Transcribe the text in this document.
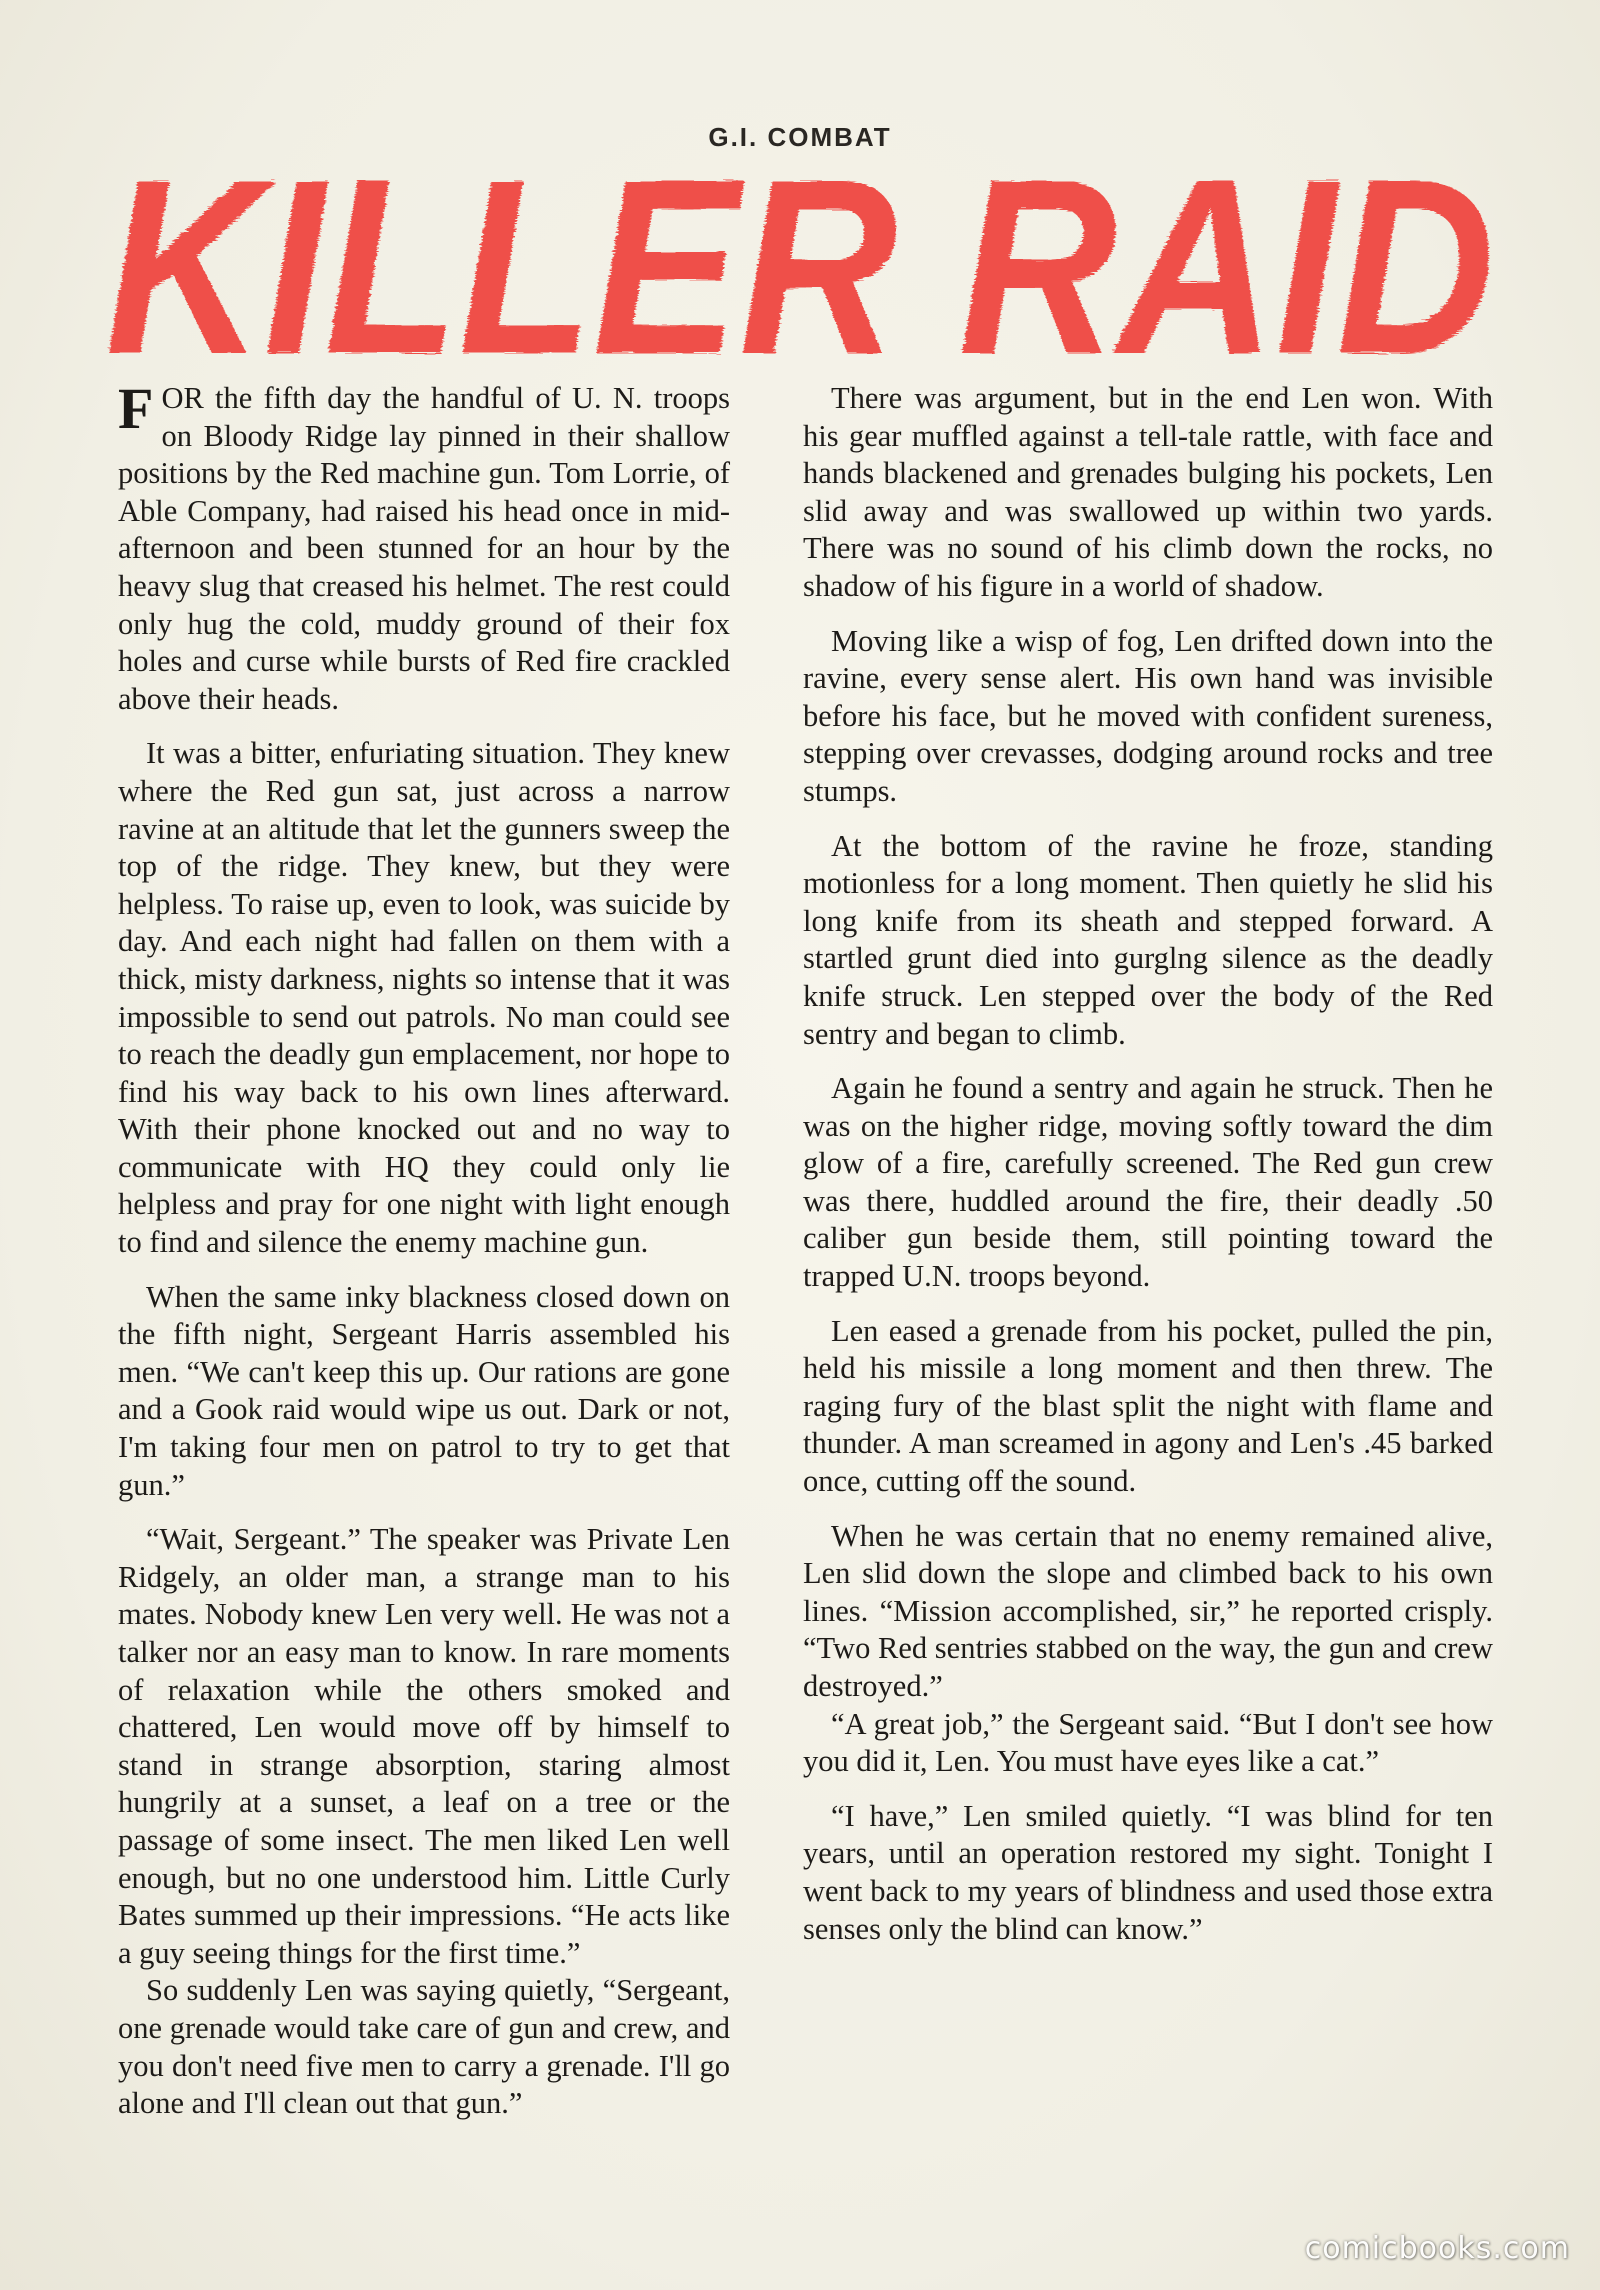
G.I. COMBAT
KILLER RAID

FOR the fifth day the handful of U. N. troops on Bloody Ridge lay pinned in their shallow positions by the Red machine gun. Tom Lorrie, of Able Company, had raised his head once in mid-afternoon and been stunned for an hour by the heavy slug that creased his helmet. The rest could only hug the cold, muddy ground of their fox holes and curse while bursts of Red fire crackled above their heads.

It was a bitter, enfuriating situation. They knew where the Red gun sat, just across a narrow ravine at an altitude that let the gunners sweep the top of the ridge. They knew, but they were helpless. To raise up, even to look, was suicide by day. And each night had fallen on them with a thick, misty darkness, nights so intense that it was impossible to send out patrols. No man could see to reach the deadly gun emplacement, nor hope to find his way back to his own lines afterward. With their phone knocked out and no way to communicate with HQ they could only lie helpless and pray for one night with light enough to find and silence the enemy machine gun.

When the same inky blackness closed down on the fifth night, Sergeant Harris assembled his men. “We can't keep this up. Our rations are gone and a Gook raid would wipe us out. Dark or not, I'm taking four men on patrol to try to get that gun.”

“Wait, Sergeant.” The speaker was Private Len Ridgely, an older man, a strange man to his mates. Nobody knew Len very well. He was not a talker nor an easy man to know. In rare moments of relaxation while the others smoked and chattered, Len would move off by himself to stand in strange absorption, staring almost hungrily at a sunset, a leaf on a tree or the passage of some insect. The men liked Len well enough, but no one understood him. Little Curly Bates summed up their impressions. “He acts like a guy seeing things for the first time.”

So suddenly Len was saying quietly, “Sergeant, one grenade would take care of gun and crew, and you don't need five men to carry a grenade. I'll go alone and I'll clean out that gun.”

There was argument, but in the end Len won. With his gear muffled against a tell-tale rattle, with face and hands blackened and grenades bulging his pockets, Len slid away and was swallowed up within two yards. There was no sound of his climb down the rocks, no shadow of his figure in a world of shadow.

Moving like a wisp of fog, Len drifted down into the ravine, every sense alert. His own hand was invisible before his face, but he moved with confident sureness, stepping over crevasses, dodging around rocks and tree stumps.

At the bottom of the ravine he froze, standing motionless for a long moment. Then quietly he slid his long knife from its sheath and stepped forward. A startled grunt died into gurglng silence as the deadly knife struck. Len stepped over the body of the Red sentry and began to climb.

Again he found a sentry and again he struck. Then he was on the higher ridge, moving softly toward the dim glow of a fire, carefully screened. The Red gun crew was there, huddled around the fire, their deadly .50 caliber gun beside them, still pointing toward the trapped U.N. troops beyond.

Len eased a grenade from his pocket, pulled the pin, held his missile a long moment and then threw. The raging fury of the blast split the night with flame and thunder. A man screamed in agony and Len's .45 barked once, cutting off the sound.

When he was certain that no enemy remained alive, Len slid down the slope and climbed back to his own lines. “Mission accomplished, sir,” he reported crisply. “Two Red sentries stabbed on the way, the gun and crew destroyed.”

“A great job,” the Sergeant said. “But I don't see how you did it, Len. You must have eyes like a cat.”

“I have,” Len smiled quietly. “I was blind for ten years, until an operation restored my sight. Tonight I went back to my years of blindness and used those extra senses only the blind can know.”

comicbooks.com
